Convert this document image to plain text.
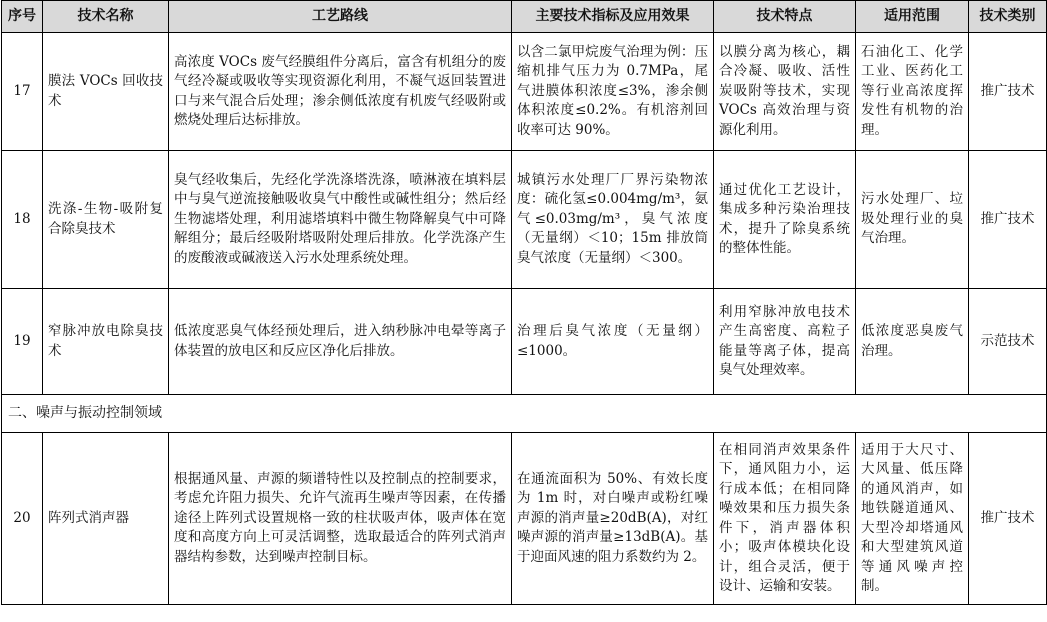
序号	技术名称	工艺路线	主要技术指标及应用效果	技术特点	适用范围	技术类别
17	膜法 VOCs 回收技术	高浓度 VOCs 废气经膜组件分离后，富含有机组分的废气经冷凝或吸收等实现资源化利用，不凝气返回装置进口与来气混合后处理；渗余侧低浓度有机废气经吸附或燃烧处理后达标排放。	以含二氯甲烷废气治理为例：压缩机排气压力为 0.7MPa，尾气进膜体积浓度≤3%，渗余侧体积浓度≤0.2%。有机溶剂回收率可达 90%。	以膜分离为核心，耦合冷凝、吸收、活性炭吸附等技术，实现 VOCs 高效治理与资源化利用。	石油化工、化学工业、医药化工等行业高浓度挥发性有机物的治理。	推广技术
18	洗涤-生物-吸附复合除臭技术	臭气经收集后，先经化学洗涤塔洗涤，喷淋液在填料层中与臭气逆流接触吸收臭气中酸性或碱性组分；然后经生物滤塔处理，利用滤塔填料中微生物降解臭气中可降解组分；最后经吸附塔吸附处理后排放。化学洗涤产生的废酸液或碱液送入污水处理系统处理。	城镇污水处理厂厂界污染物浓度：硫化氢≤0.004mg/m³，氨气≤0.03mg/m³，臭气浓度（无量纲）＜10；15m 排放筒臭气浓度（无量纲）＜300。	通过优化工艺设计，集成多种污染治理技术，提升了除臭系统的整体性能。	污水处理厂、垃圾处理行业的臭气治理。	推广技术
19	窄脉冲放电除臭技术	低浓度恶臭气体经预处理后，进入纳秒脉冲电晕等离子体装置的放电区和反应区净化后排放。	治理后臭气浓度（无量纲）≤1000。	利用窄脉冲放电技术产生高密度、高粒子能量等离子体，提高臭气处理效率。	低浓度恶臭废气治理。	示范技术
二、噪声与振动控制领域						
20	阵列式消声器	根据通风量、声源的频谱特性以及控制点的控制要求，考虑允许阻力损失、允许气流再生噪声等因素，在传播途径上阵列式设置规格一致的柱状吸声体，吸声体在宽度和高度方向上可灵活调整，选取最适合的阵列式消声器结构参数，达到噪声控制目标。	在通流面积为 50%、有效长度为 1m 时，对白噪声或粉红噪声源的消声量≥20dB(A)，对红噪声源的消声量≥13dB(A)。基于迎面风速的阻力系数约为 2。	在相同消声效果条件下，通风阻力小，运行成本低；在相同降噪效果和压力损失条件下，消声器体积小；吸声体模块化设计，组合灵活，便于设计、运输和安装。	适用于大尺寸、大风量、低压降的通风消声，如地铁隧道通风、大型冷却塔通风和大型建筑风道等通风噪声控制。	推广技术
